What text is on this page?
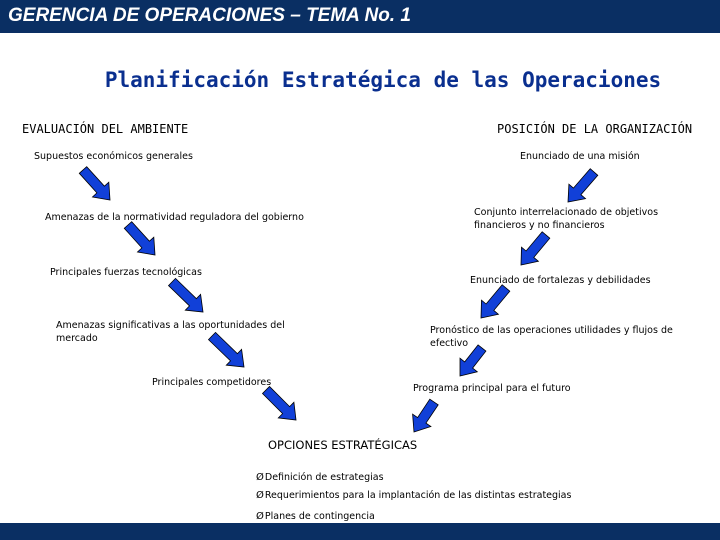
GERENCIA DE OPERACIONES – TEMA No. 1
Planificación Estratégica de las Operaciones
EVALUACIÓN DEL AMBIENTE
Supuestos económicos generales
Amenazas de la normatividad reguladora del gobierno
Principales fuerzas tecnológicas
Amenazas significativas a las oportunidades del mercado
Principales competidores
POSICIÓN DE LA ORGANIZACIÓN
Enunciado de una misión
Conjunto interrelacionado de objetivos financieros y no financieros
Enunciado de fortalezas y debilidades
Pronóstico de las operaciones utilidades y flujos de efectivo
Programa principal para el futuro
OPCIONES ESTRATÉGICAS
ØDefinición de estrategias
ØRequerimientos para la implantación de las distintas estrategias
ØPlanes de contingencia
